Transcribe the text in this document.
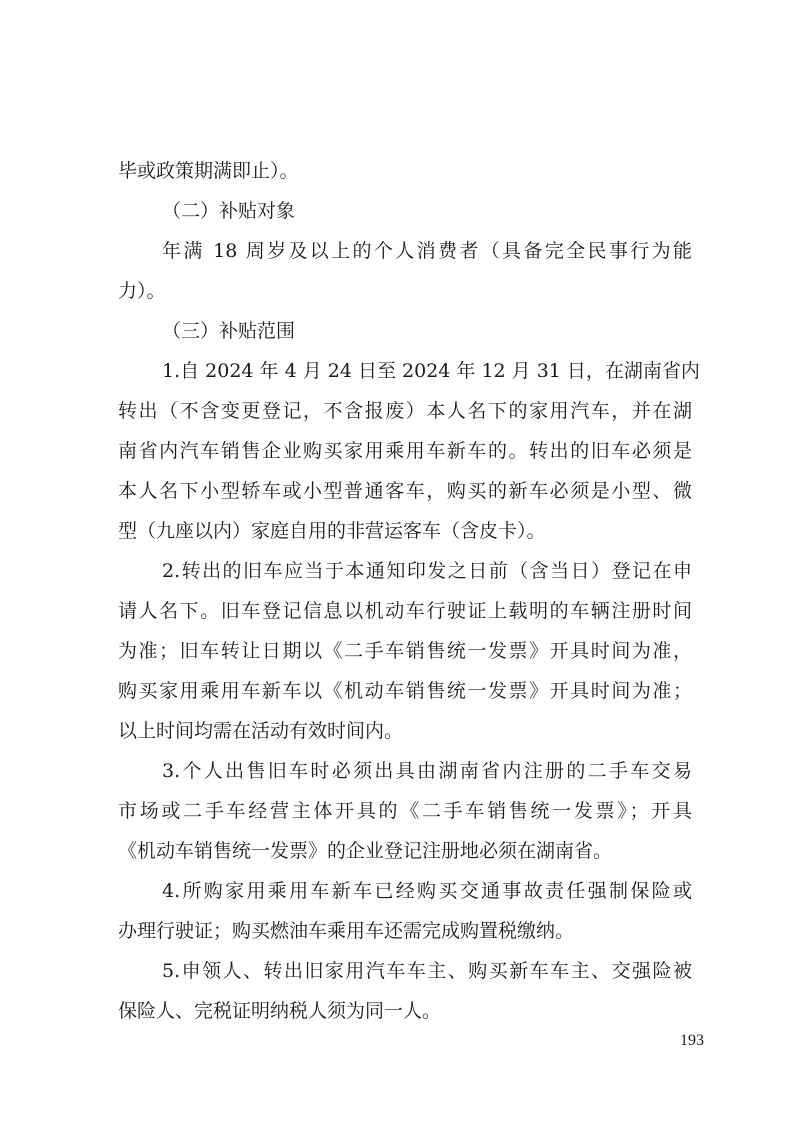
毕或政策期满即止）。
（二）补贴对象
年满 18 周岁及以上的个人消费者（具备完全民事行为能
力）。
（三）补贴范围
1.自 2024 年 4 月 24 日至 2024 年 12 月 31 日，在湖南省内
转出（不含变更登记，不含报废）本人名下的家用汽车，并在湖
南省内汽车销售企业购买家用乘用车新车的。转出的旧车必须是
本人名下小型轿车或小型普通客车，购买的新车必须是小型、微
型（九座以内）家庭自用的非营运客车（含皮卡）。
2.转出的旧车应当于本通知印发之日前（含当日）登记在申
请人名下。旧车登记信息以机动车行驶证上载明的车辆注册时间
为准；旧车转让日期以《二手车销售统一发票》开具时间为准，
购买家用乘用车新车以《机动车销售统一发票》开具时间为准；
以上时间均需在活动有效时间内。
3.个人出售旧车时必须出具由湖南省内注册的二手车交易
市场或二手车经营主体开具的《二手车销售统一发票》；开具
《机动车销售统一发票》的企业登记注册地必须在湖南省。
4.所购家用乘用车新车已经购买交通事故责任强制保险或
办理行驶证；购买燃油车乘用车还需完成购置税缴纳。
5.申领人、转出旧家用汽车车主、购买新车车主、交强险被
保险人、完税证明纳税人须为同一人。
193
